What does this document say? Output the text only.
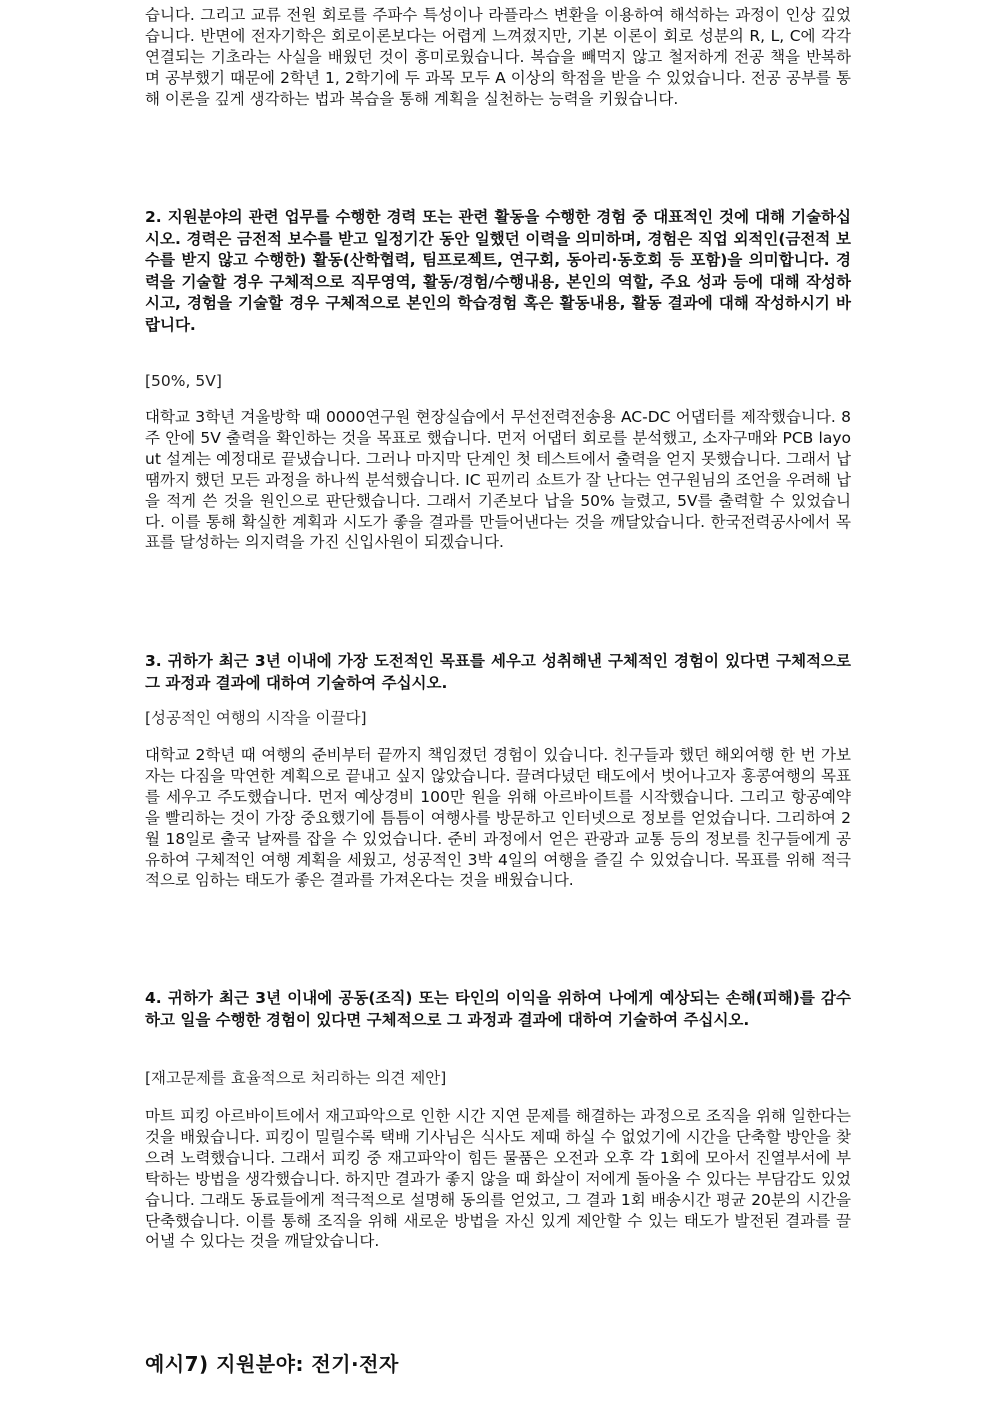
습니다. 그리고 교류 전원 회로를 주파수 특성이나 라플라스 변환을 이용하여 해석하는 과정이 인상 깊었습니다. 반면에 전자기학은 회로이론보다는 어렵게 느껴졌지만, 기본 이론이 회로 성분의 R, L, C에 각각 연결되는 기초라는 사실을 배웠던 것이 흥미로웠습니다. 복습을 빼먹지 않고 철저하게 전공 책을 반복하며 공부했기 때문에 2학년 1, 2학기에 두 과목 모두 A 이상의 학점을 받을 수 있었습니다. 전공 공부를 통해 이론을 깊게 생각하는 법과 복습을 통해 계획을 실천하는 능력을 키웠습니다.

2. 지원분야의 관련 업무를 수행한 경력 또는 관련 활동을 수행한 경험 중 대표적인 것에 대해 기술하십시오. 경력은 금전적 보수를 받고 일정기간 동안 일했던 이력을 의미하며, 경험은 직업 외적인(금전적 보수를 받지 않고 수행한) 활동(산학협력, 팀프로젝트, 연구회, 동아리·동호회 등 포함)을 의미합니다. 경력을 기술할 경우 구체적으로 직무영역, 활동/경험/수행내용, 본인의 역할, 주요 성과 등에 대해 작성하시고, 경험을 기술할 경우 구체적으로 본인의 학습경험 혹은 활동내용, 활동 결과에 대해 작성하시기 바랍니다.

[50%, 5V]

대학교 3학년 겨울방학 때 0000연구원 현장실습에서 무선전력전송용 AC-DC 어댑터를 제작했습니다. 8주 안에 5V 출력을 확인하는 것을 목표로 했습니다. 먼저 어댑터 회로를 분석했고, 소자구매와 PCB layout 설계는 예정대로 끝냈습니다. 그러나 마지막 단계인 첫 테스트에서 출력을 얻지 못했습니다. 그래서 납땜까지 했던 모든 과정을 하나씩 분석했습니다. IC 핀끼리 쇼트가 잘 난다는 연구원님의 조언을 우려해 납을 적게 쓴 것을 원인으로 판단했습니다. 그래서 기존보다 납을 50% 늘렸고, 5V를 출력할 수 있었습니다. 이를 통해 확실한 계획과 시도가 좋을 결과를 만들어낸다는 것을 깨달았습니다. 한국전력공사에서 목표를 달성하는 의지력을 가진 신입사원이 되겠습니다.

3. 귀하가 최근 3년 이내에 가장 도전적인 목표를 세우고 성취해낸 구체적인 경험이 있다면 구체적으로 그 과정과 결과에 대하여 기술하여 주십시오.

[성공적인 여행의 시작을 이끌다]

대학교 2학년 때 여행의 준비부터 끝까지 책임졌던 경험이 있습니다. 친구들과 했던 해외여행 한 번 가보자는 다짐을 막연한 계획으로 끝내고 싶지 않았습니다. 끌려다녔던 태도에서 벗어나고자 홍콩여행의 목표를 세우고 주도했습니다. 먼저 예상경비 100만 원을 위해 아르바이트를 시작했습니다. 그리고 항공예약을 빨리하는 것이 가장 중요했기에 틈틈이 여행사를 방문하고 인터넷으로 정보를 얻었습니다. 그리하여 2월 18일로 출국 날짜를 잡을 수 있었습니다. 준비 과정에서 얻은 관광과 교통 등의 정보를 친구들에게 공유하여 구체적인 여행 계획을 세웠고, 성공적인 3박 4일의 여행을 즐길 수 있었습니다. 목표를 위해 적극적으로 임하는 태도가 좋은 결과를 가져온다는 것을 배웠습니다.

4. 귀하가 최근 3년 이내에 공동(조직) 또는 타인의 이익을 위하여 나에게 예상되는 손해(피해)를 감수하고 일을 수행한 경험이 있다면 구체적으로 그 과정과 결과에 대하여 기술하여 주십시오.

[재고문제를 효율적으로 처리하는 의견 제안]

마트 피킹 아르바이트에서 재고파악으로 인한 시간 지연 문제를 해결하는 과정으로 조직을 위해 일한다는 것을 배웠습니다. 피킹이 밀릴수록 택배 기사님은 식사도 제때 하실 수 없었기에 시간을 단축할 방안을 찾으려 노력했습니다. 그래서 피킹 중 재고파악이 힘든 물품은 오전과 오후 각 1회에 모아서 진열부서에 부탁하는 방법을 생각했습니다. 하지만 결과가 좋지 않을 때 화살이 저에게 돌아올 수 있다는 부담감도 있었습니다. 그래도 동료들에게 적극적으로 설명해 동의를 얻었고, 그 결과 1회 배송시간 평균 20분의 시간을 단축했습니다. 이를 통해 조직을 위해 새로운 방법을 자신 있게 제안할 수 있는 태도가 발전된 결과를 끌어낼 수 있다는 것을 깨달았습니다.

예시7) 지원분야: 전기·전자
